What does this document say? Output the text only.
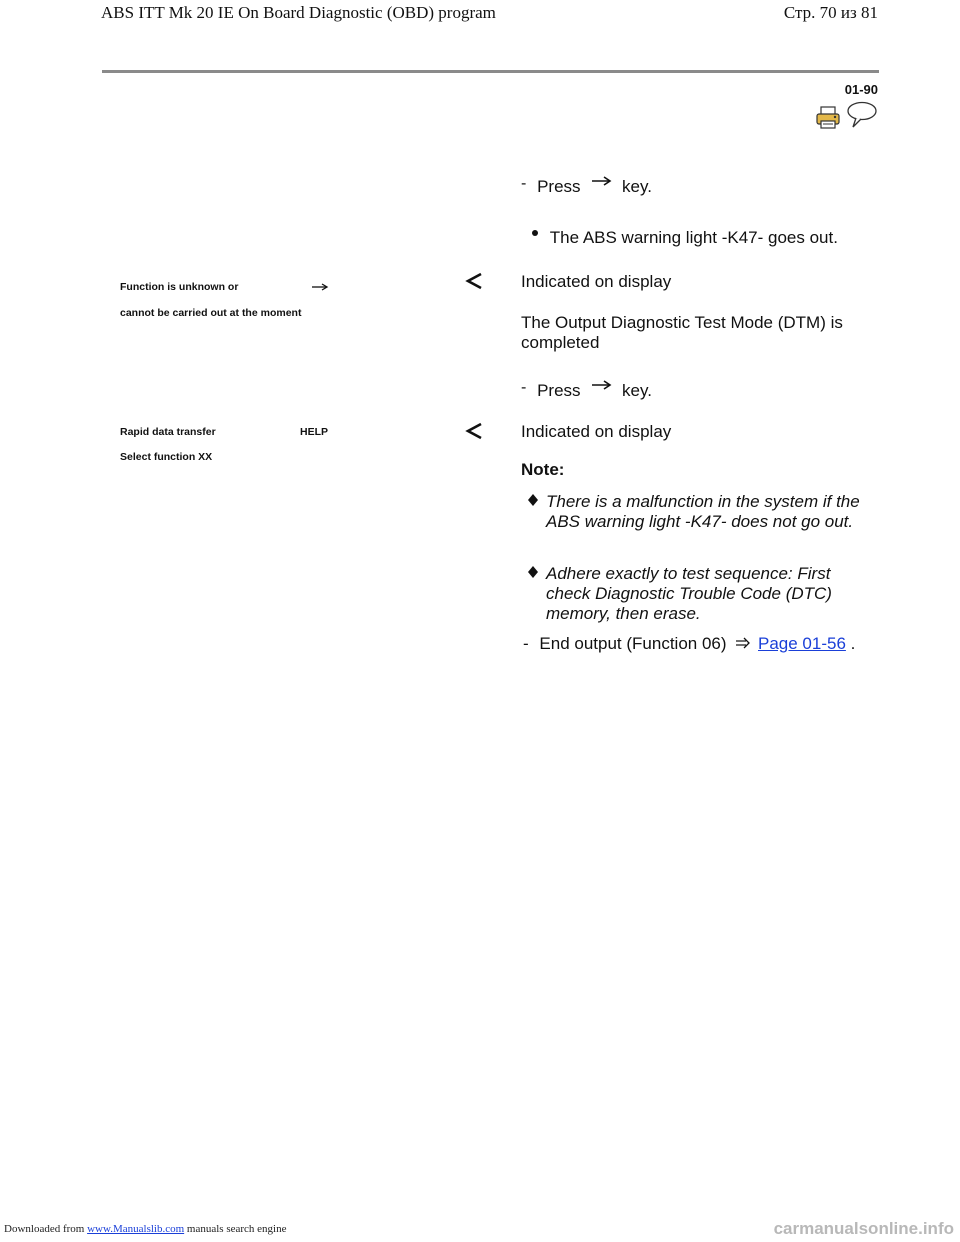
ABS ITT Mk 20 IE On Board Diagnostic (OBD) program	Стр. 70 из 81
01-90
- Press key.
The ABS warning light -K47- goes out.
Function is unknown or
cannot be carried out at the moment
Indicated on display
The Output Diagnostic Test Mode (DTM) is completed
- Press key.
Rapid data transfer	HELP
Select function XX
Indicated on display
Note:
There is a malfunction in the system if the ABS warning light -K47- does not go out.
Adhere exactly to test sequence: First check Diagnostic Trouble Code (DTC) memory, then erase.
- End output (Function 06) Page 01-56 .
Downloaded from www.Manualslib.com manuals search engine	carmanualsonline.info
